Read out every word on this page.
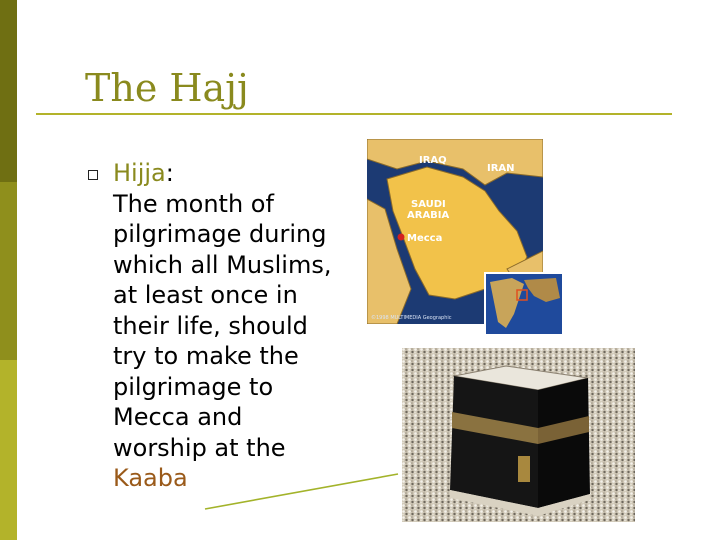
The Hajj
Hijja:
The month of
pilgrimage during
which all Muslims,
at least once in
their life, should
try to make the
pilgrimage to
Mecca and
worship at the
Kaaba
IRAQ
IRAN
SAUDI
ARABIA
Mecca
©1998 MULTIMEDIA Geographic
